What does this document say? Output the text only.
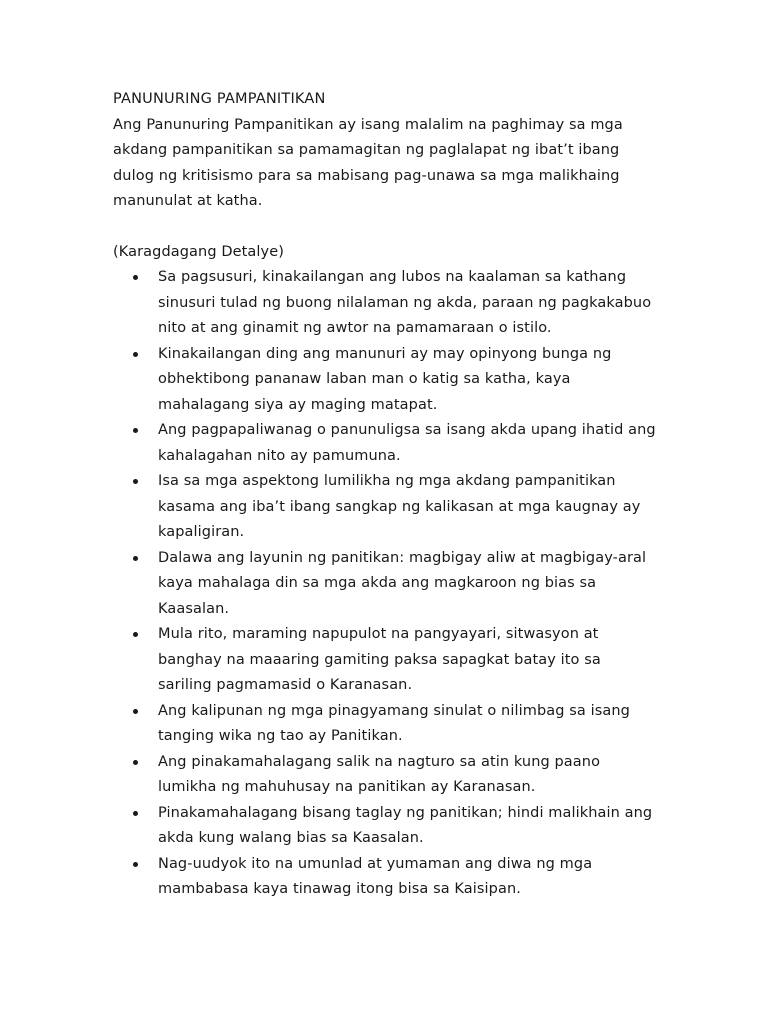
PANUNURING PAMPANITIKAN

Ang Panunuring Pampanitikan ay isang malalim na paghimay sa mga akdang pampanitikan sa pamamagitan ng paglalapat ng ibat’t ibang dulog ng kritisismo para sa mabisang pag-unawa sa mga malikhaing manunulat at katha.

(Karagdagang Detalye)

Sa pagsusuri, kinakailangan ang lubos na kaalaman sa kathang sinusuri tulad ng buong nilalaman ng akda, paraan ng pagkakabuo nito at ang ginamit ng awtor na pamamaraan o istilo.
Kinakailangan ding ang manunuri ay may opinyong bunga ng obhektibong pananaw laban man o katig sa katha, kaya mahalagang siya ay maging matapat.
Ang pagpapaliwanag o panunuligsa sa isang akda upang ihatid ang kahalagahan nito ay pamumuna.
Isa sa mga aspektong lumilikha ng mga akdang pampanitikan kasama ang iba’t ibang sangkap ng kalikasan at mga kaugnay ay kapaligiran.
Dalawa ang layunin ng panitikan: magbigay aliw at magbigay-aral kaya mahalaga din sa mga akda ang magkaroon ng bias sa Kaasalan.
Mula rito, maraming napupulot na pangyayari, sitwasyon at banghay na maaaring gamiting paksa sapagkat batay ito sa sariling pagmamasid o Karanasan.
Ang kalipunan ng mga pinagyamang sinulat o nilimbag sa isang tanging wika ng tao ay Panitikan.
Ang pinakamahalagang salik na nagturo sa atin kung paano lumikha ng mahuhusay na panitikan ay Karanasan.
Pinakamahalagang bisang taglay ng panitikan; hindi malikhain ang akda kung walang bias sa Kaasalan.
Nag-uudyok ito na umunlad at yumaman ang diwa ng mga mambabasa kaya tinawag itong bisa sa Kaisipan.
